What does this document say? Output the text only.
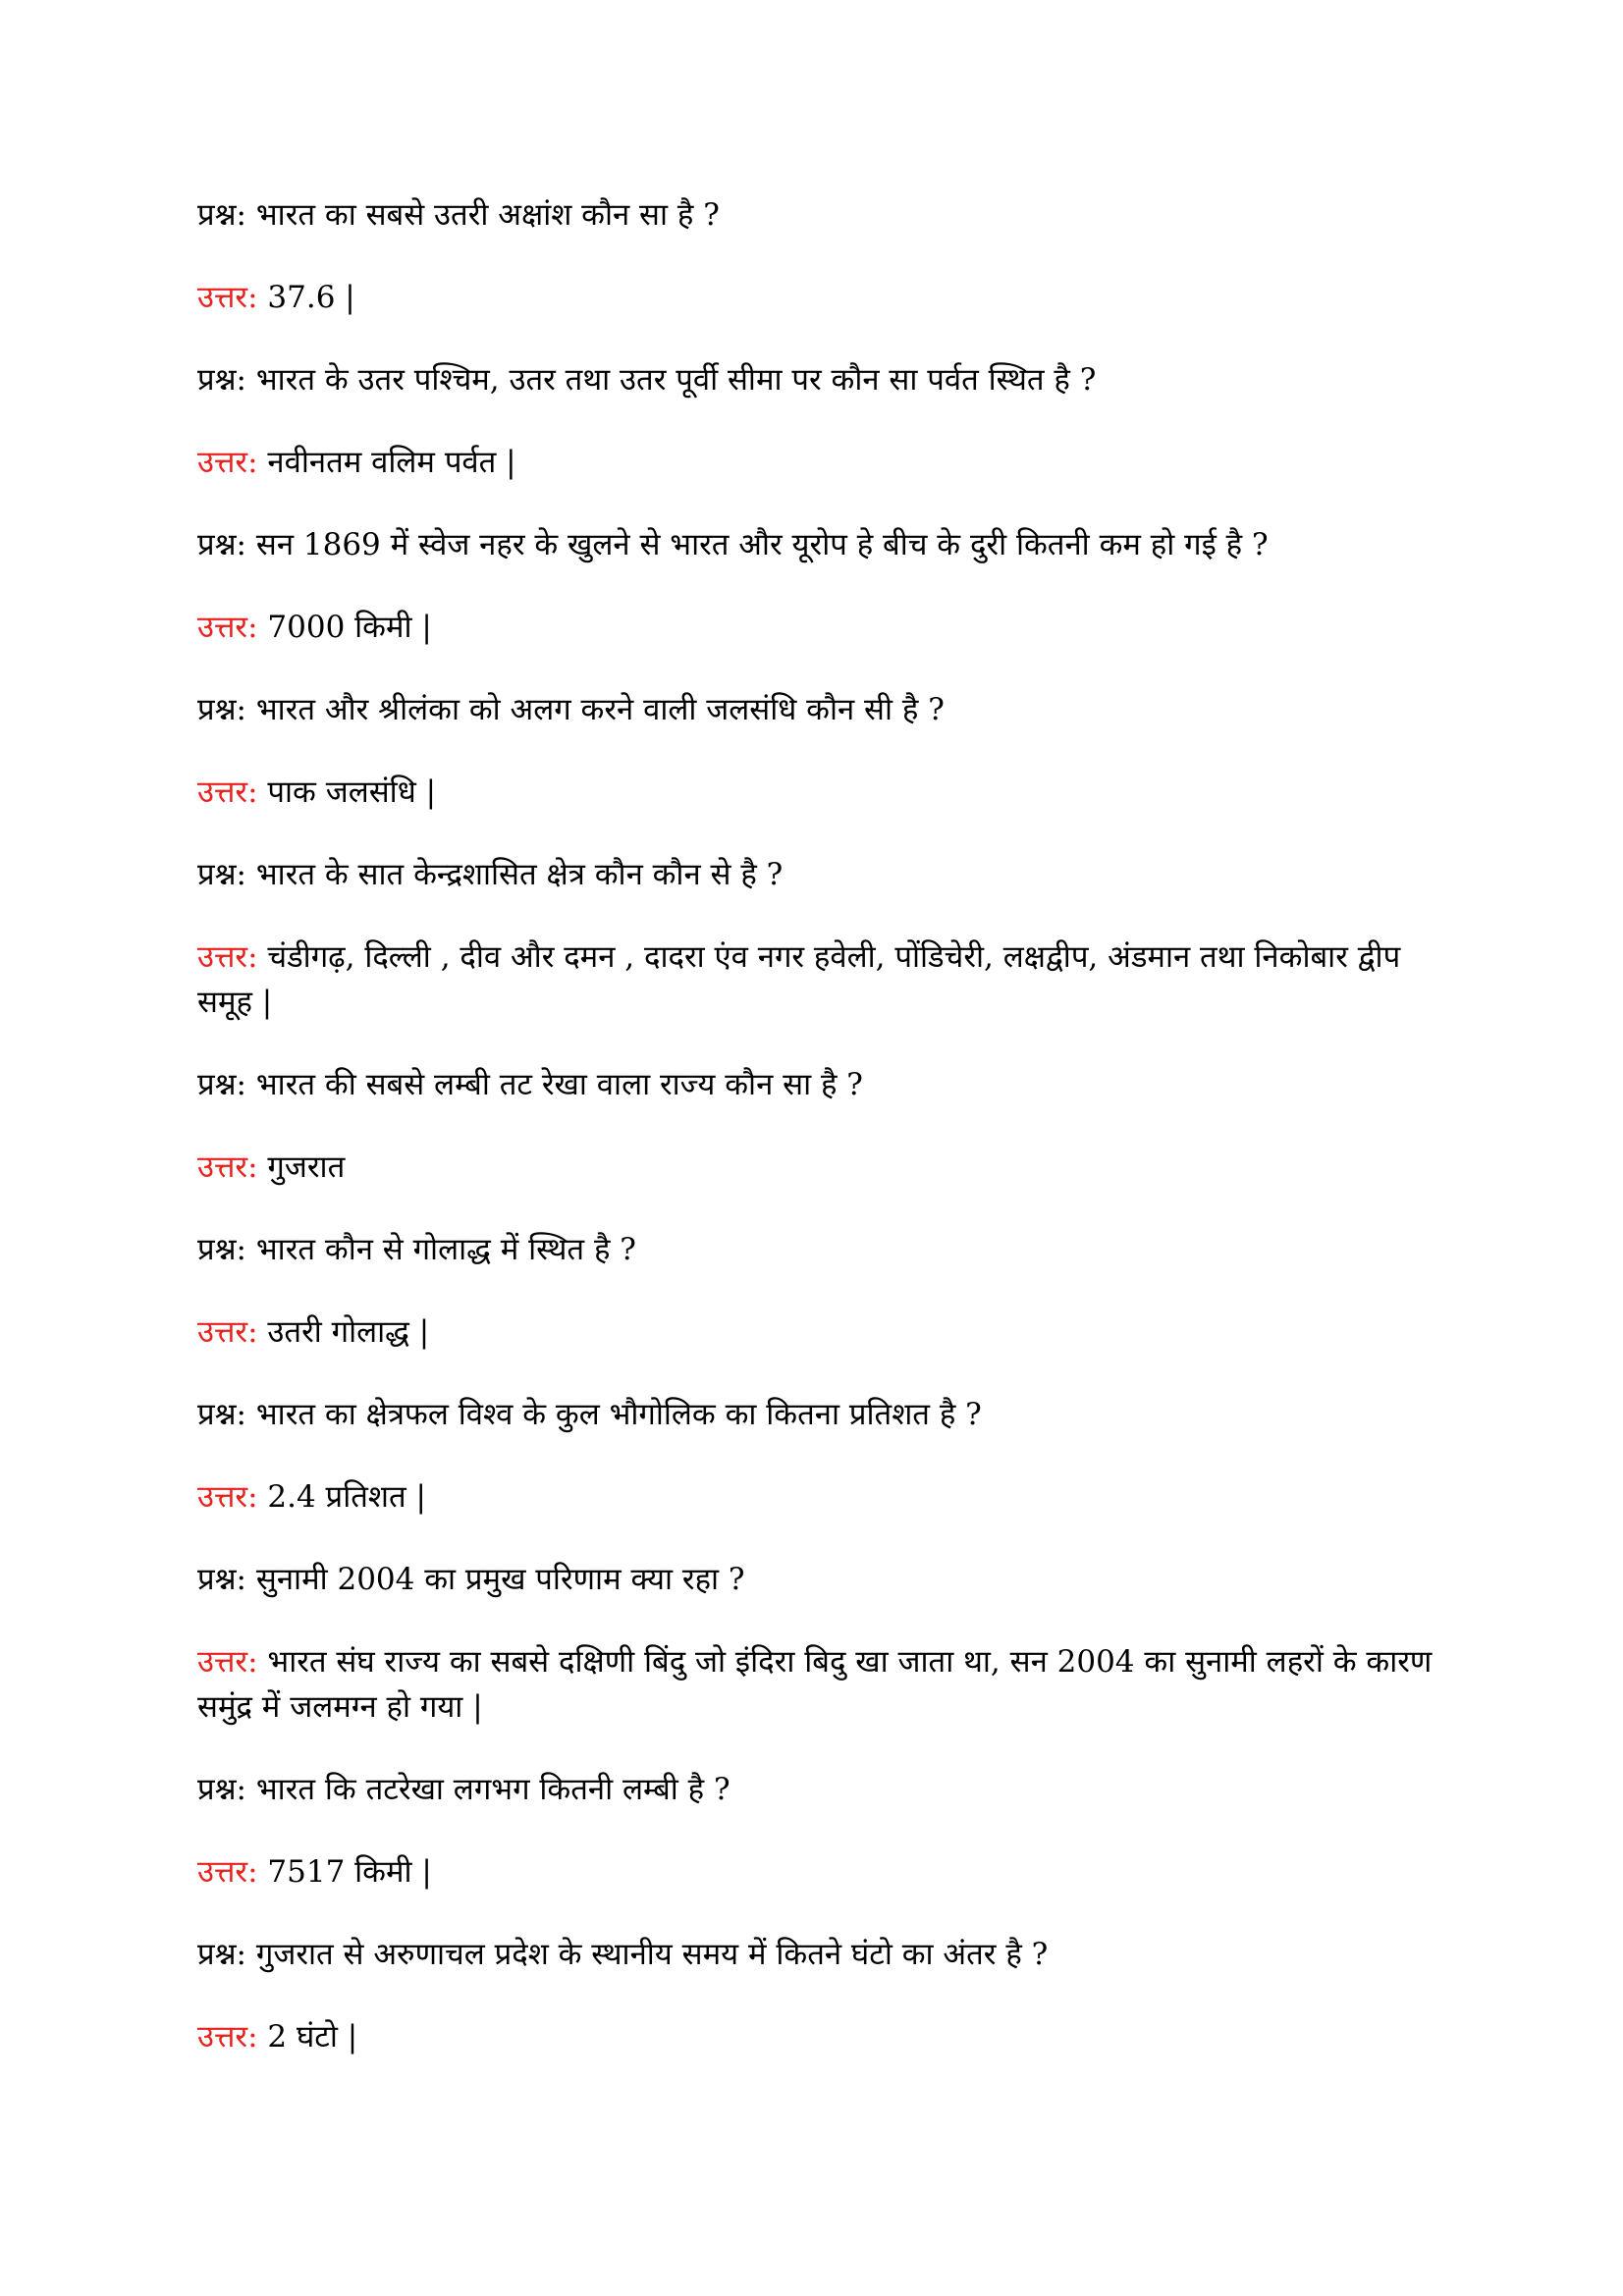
प्रश्न: भारत का सबसे उतरी अक्षांश कौन सा है ?

उत्तर: 37.6 |

प्रश्न: भारत के उतर पश्चिम, उतर तथा उतर पूर्वी सीमा पर कौन सा पर्वत स्थित है ?

उत्तर: नवीनतम वलिम पर्वत |

प्रश्न: सन 1869 में स्वेज नहर के खुलने से भारत और यूरोप हे बीच के दुरी कितनी कम हो गई है ?

उत्तर: 7000 किमी |

प्रश्न: भारत और श्रीलंका को अलग करने वाली जलसंधि कौन सी है ?

उत्तर: पाक जलसंधि |

प्रश्न: भारत के सात केन्द्रशासित क्षेत्र कौन कौन से है ?

उत्तर: चंडीगढ़, दिल्ली , दीव और दमन , दादरा एंव नगर हवेली, पोंडिचेरी, लक्षद्वीप, अंडमान तथा निकोबार द्वीप समूह |

प्रश्न: भारत की सबसे लम्बी तट रेखा वाला राज्य कौन सा है ?

उत्तर: गुजरात

प्रश्न: भारत कौन से गोलाद्ध में स्थित है ?

उत्तर: उतरी गोलाद्ध |

प्रश्न: भारत का क्षेत्रफल विश्व के कुल भौगोलिक का कितना प्रतिशत है ?

उत्तर: 2.4 प्रतिशत |

प्रश्न: सुनामी 2004 का प्रमुख परिणाम क्या रहा ?

उत्तर: भारत संघ राज्य का सबसे दक्षिणी बिंदु जो इंदिरा बिदु खा जाता था, सन 2004 का सुनामी लहरों के कारण समुंद्र में जलमग्न हो गया |

प्रश्न: भारत कि तटरेखा लगभग कितनी लम्बी है ?

उत्तर: 7517 किमी |

प्रश्न: गुजरात से अरुणाचल प्रदेश के स्थानीय समय में कितने घंटो का अंतर है ?

उत्तर: 2 घंटो |
